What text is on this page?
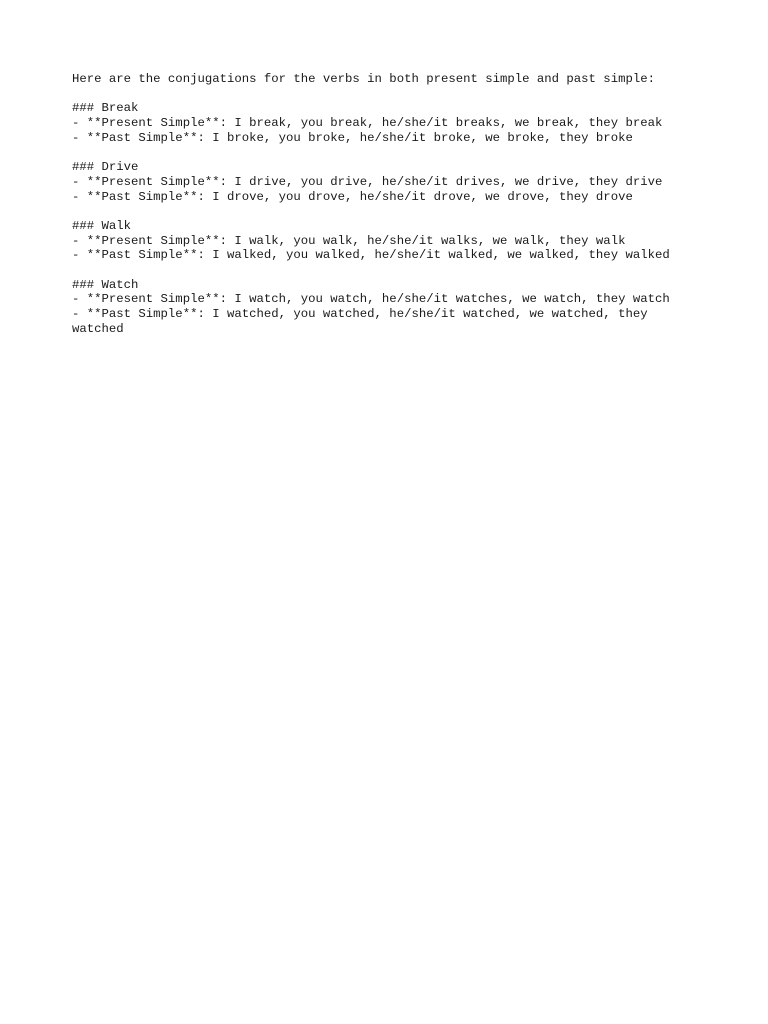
Here are the conjugations for the verbs in both present simple and past simple:

### Break

- **Present Simple**: I break, you break, he/she/it breaks, we break, they break

- **Past Simple**: I broke, you broke, he/she/it broke, we broke, they broke

### Drive

- **Present Simple**: I drive, you drive, he/she/it drives, we drive, they drive

- **Past Simple**: I drove, you drove, he/she/it drove, we drove, they drove

### Walk

- **Present Simple**: I walk, you walk, he/she/it walks, we walk, they walk

- **Past Simple**: I walked, you walked, he/she/it walked, we walked, they walked

### Watch

- **Present Simple**: I watch, you watch, he/she/it watches, we watch, they watch

- **Past Simple**: I watched, you watched, he/she/it watched, we watched, they watched
